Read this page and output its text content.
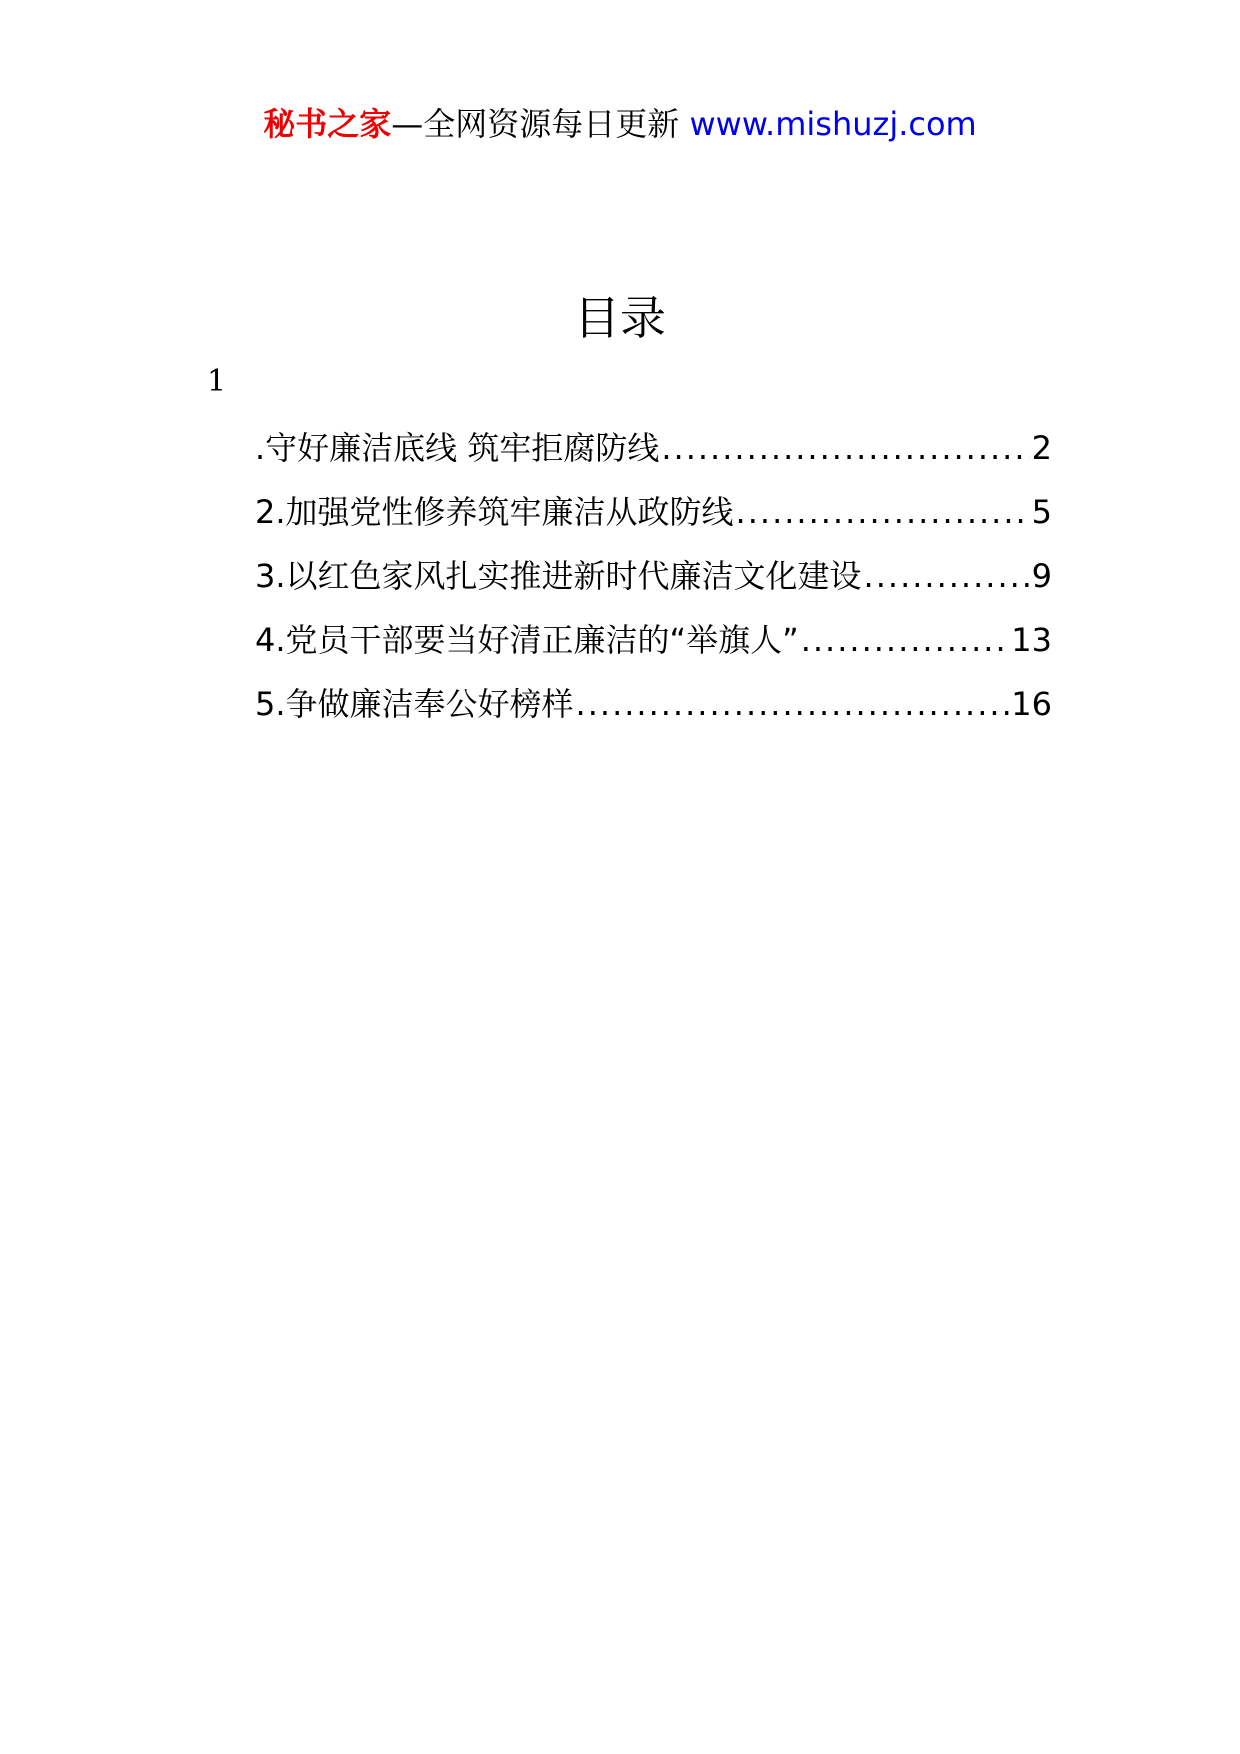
秘书之家—全网资源每日更新 www.mishuzj.com
目录
1
.守好廉洁底线 筑牢拒腐防线 .....	2
2.加强党性修养筑牢廉洁从政防线 .....	5
3.以红色家风扎实推进新时代廉洁文化建设 .....	9
4.党员干部要当好清正廉洁的“举旗人” .....	13
5.争做廉洁奉公好榜样 .....	16
